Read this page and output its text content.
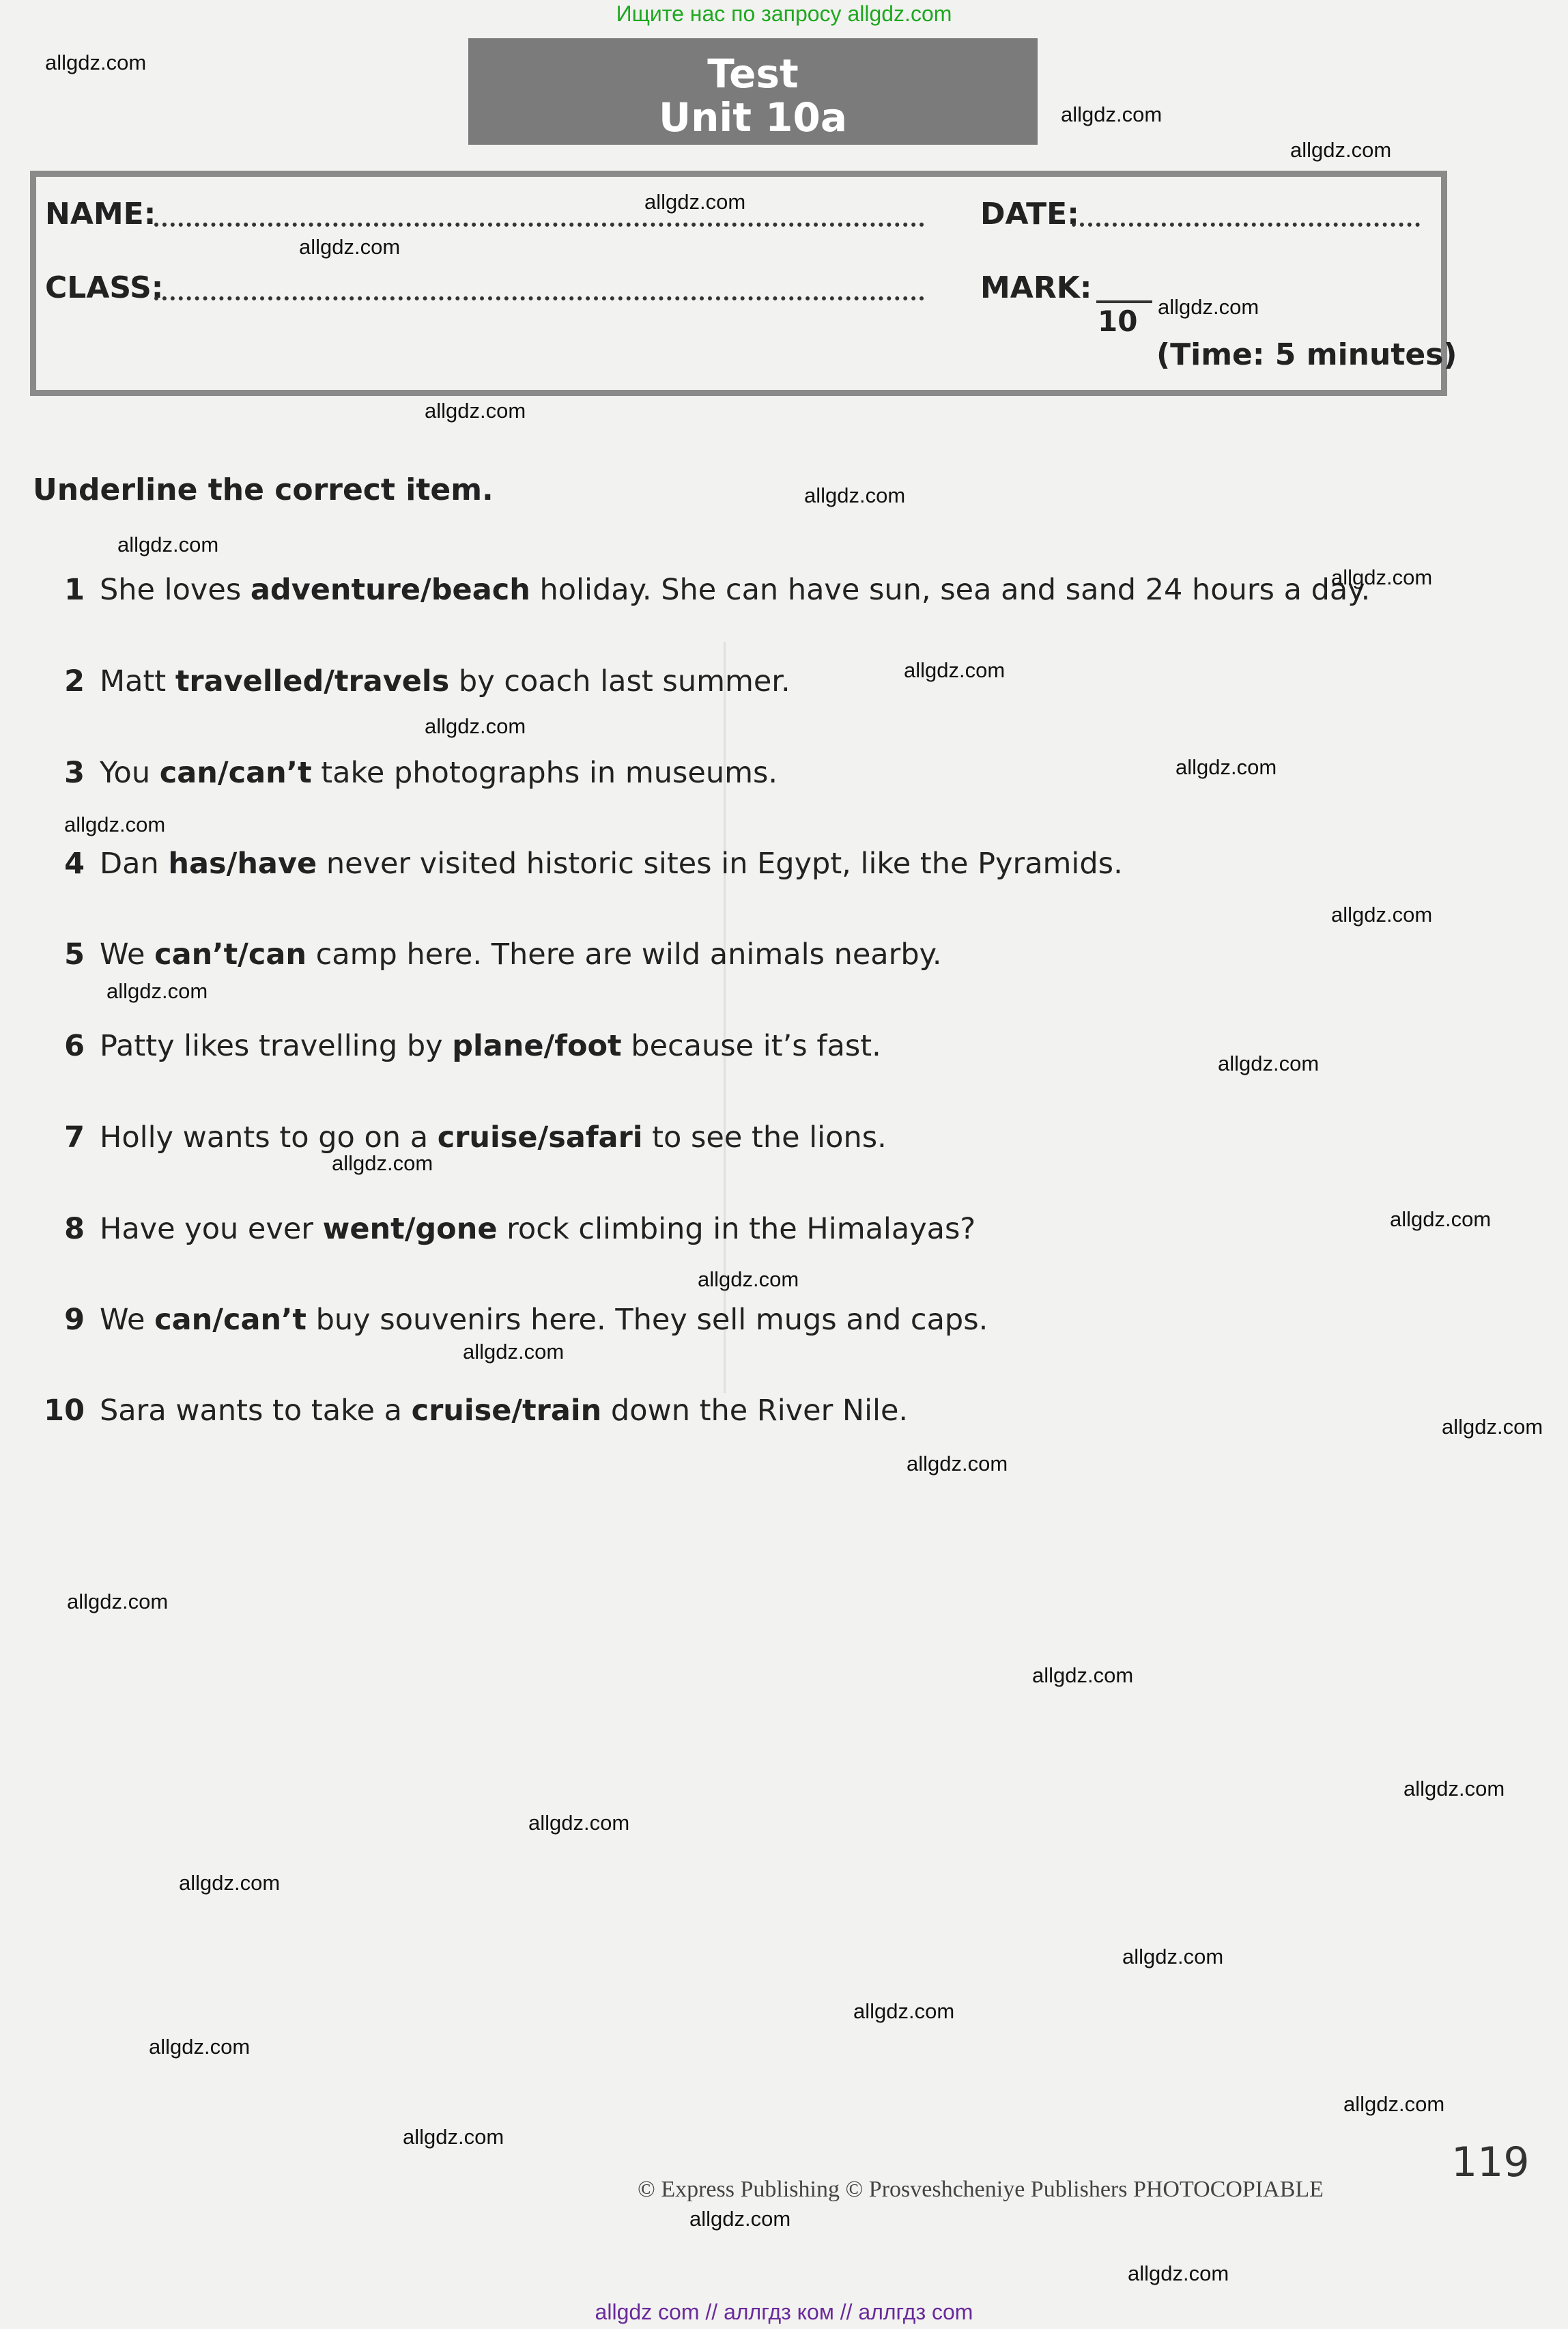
Ищите нас по запросу allgdz.com
Test
Unit 10a
NAME:	DATE:
CLASS:	MARK:
10
(Time: 5 minutes)
Underline the correct item.
1 She loves adventure/beach holiday. She can have sun, sea and sand 24 hours a day.
2 Matt travelled/travels by coach last summer.
3 You can/can’t take photographs in museums.
4 Dan has/have never visited historic sites in Egypt, like the Pyramids.
5 We can’t/can camp here. There are wild animals nearby.
6 Patty likes travelling by plane/foot because it’s fast.
7 Holly wants to go on a cruise/safari to see the lions.
8 Have you ever went/gone rock climbing in the Himalayas?
9 We can/can’t buy souvenirs here. They sell mugs and caps.
10 Sara wants to take a cruise/train down the River Nile.
allgdz.com
allgdz.com
allgdz.com
allgdz.com
allgdz.com
allgdz.com
allgdz.com
allgdz.com
allgdz.com
allgdz.com
allgdz.com
allgdz.com
allgdz.com
allgdz.com
allgdz.com
allgdz.com
allgdz.com
allgdz.com
allgdz.com
allgdz.com
allgdz.com
allgdz.com
allgdz.com
allgdz.com
allgdz.com
allgdz.com
allgdz.com
allgdz.com
allgdz.com
allgdz.com
allgdz.com
allgdz.com
allgdz.com
allgdz.com
allgdz.com
© Express Publishing © Prosveshcheniye Publishers PHOTOCOPIABLE
119
allgdz com // аллгдз ком // аллгдз com
